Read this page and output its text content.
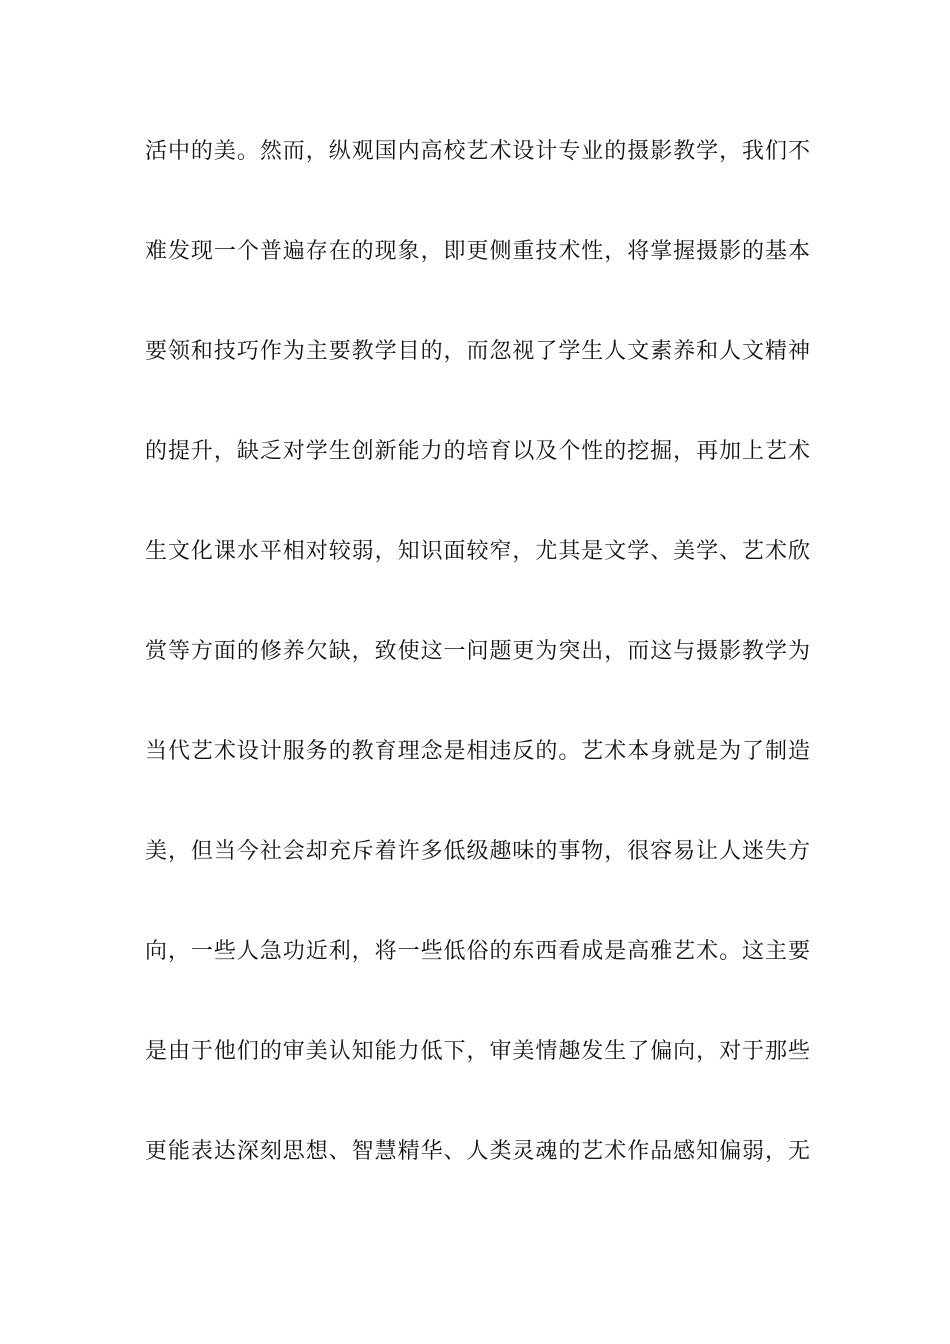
活中的美。然而，纵观国内高校艺术设计专业的摄影教学，我们不
难发现一个普遍存在的现象，即更侧重技术性，将掌握摄影的基本
要领和技巧作为主要教学目的，而忽视了学生人文素养和人文精神
的提升，缺乏对学生创新能力的培育以及个性的挖掘，再加上艺术
生文化课水平相对较弱，知识面较窄，尤其是文学、美学、艺术欣
赏等方面的修养欠缺，致使这一问题更为突出，而这与摄影教学为
当代艺术设计服务的教育理念是相违反的。艺术本身就是为了制造
美，但当今社会却充斥着许多低级趣味的事物，很容易让人迷失方
向，一些人急功近利，将一些低俗的东西看成是高雅艺术。这主要
是由于他们的审美认知能力低下，审美情趣发生了偏向，对于那些
更能表达深刻思想、智慧精华、人类灵魂的艺术作品感知偏弱，无
